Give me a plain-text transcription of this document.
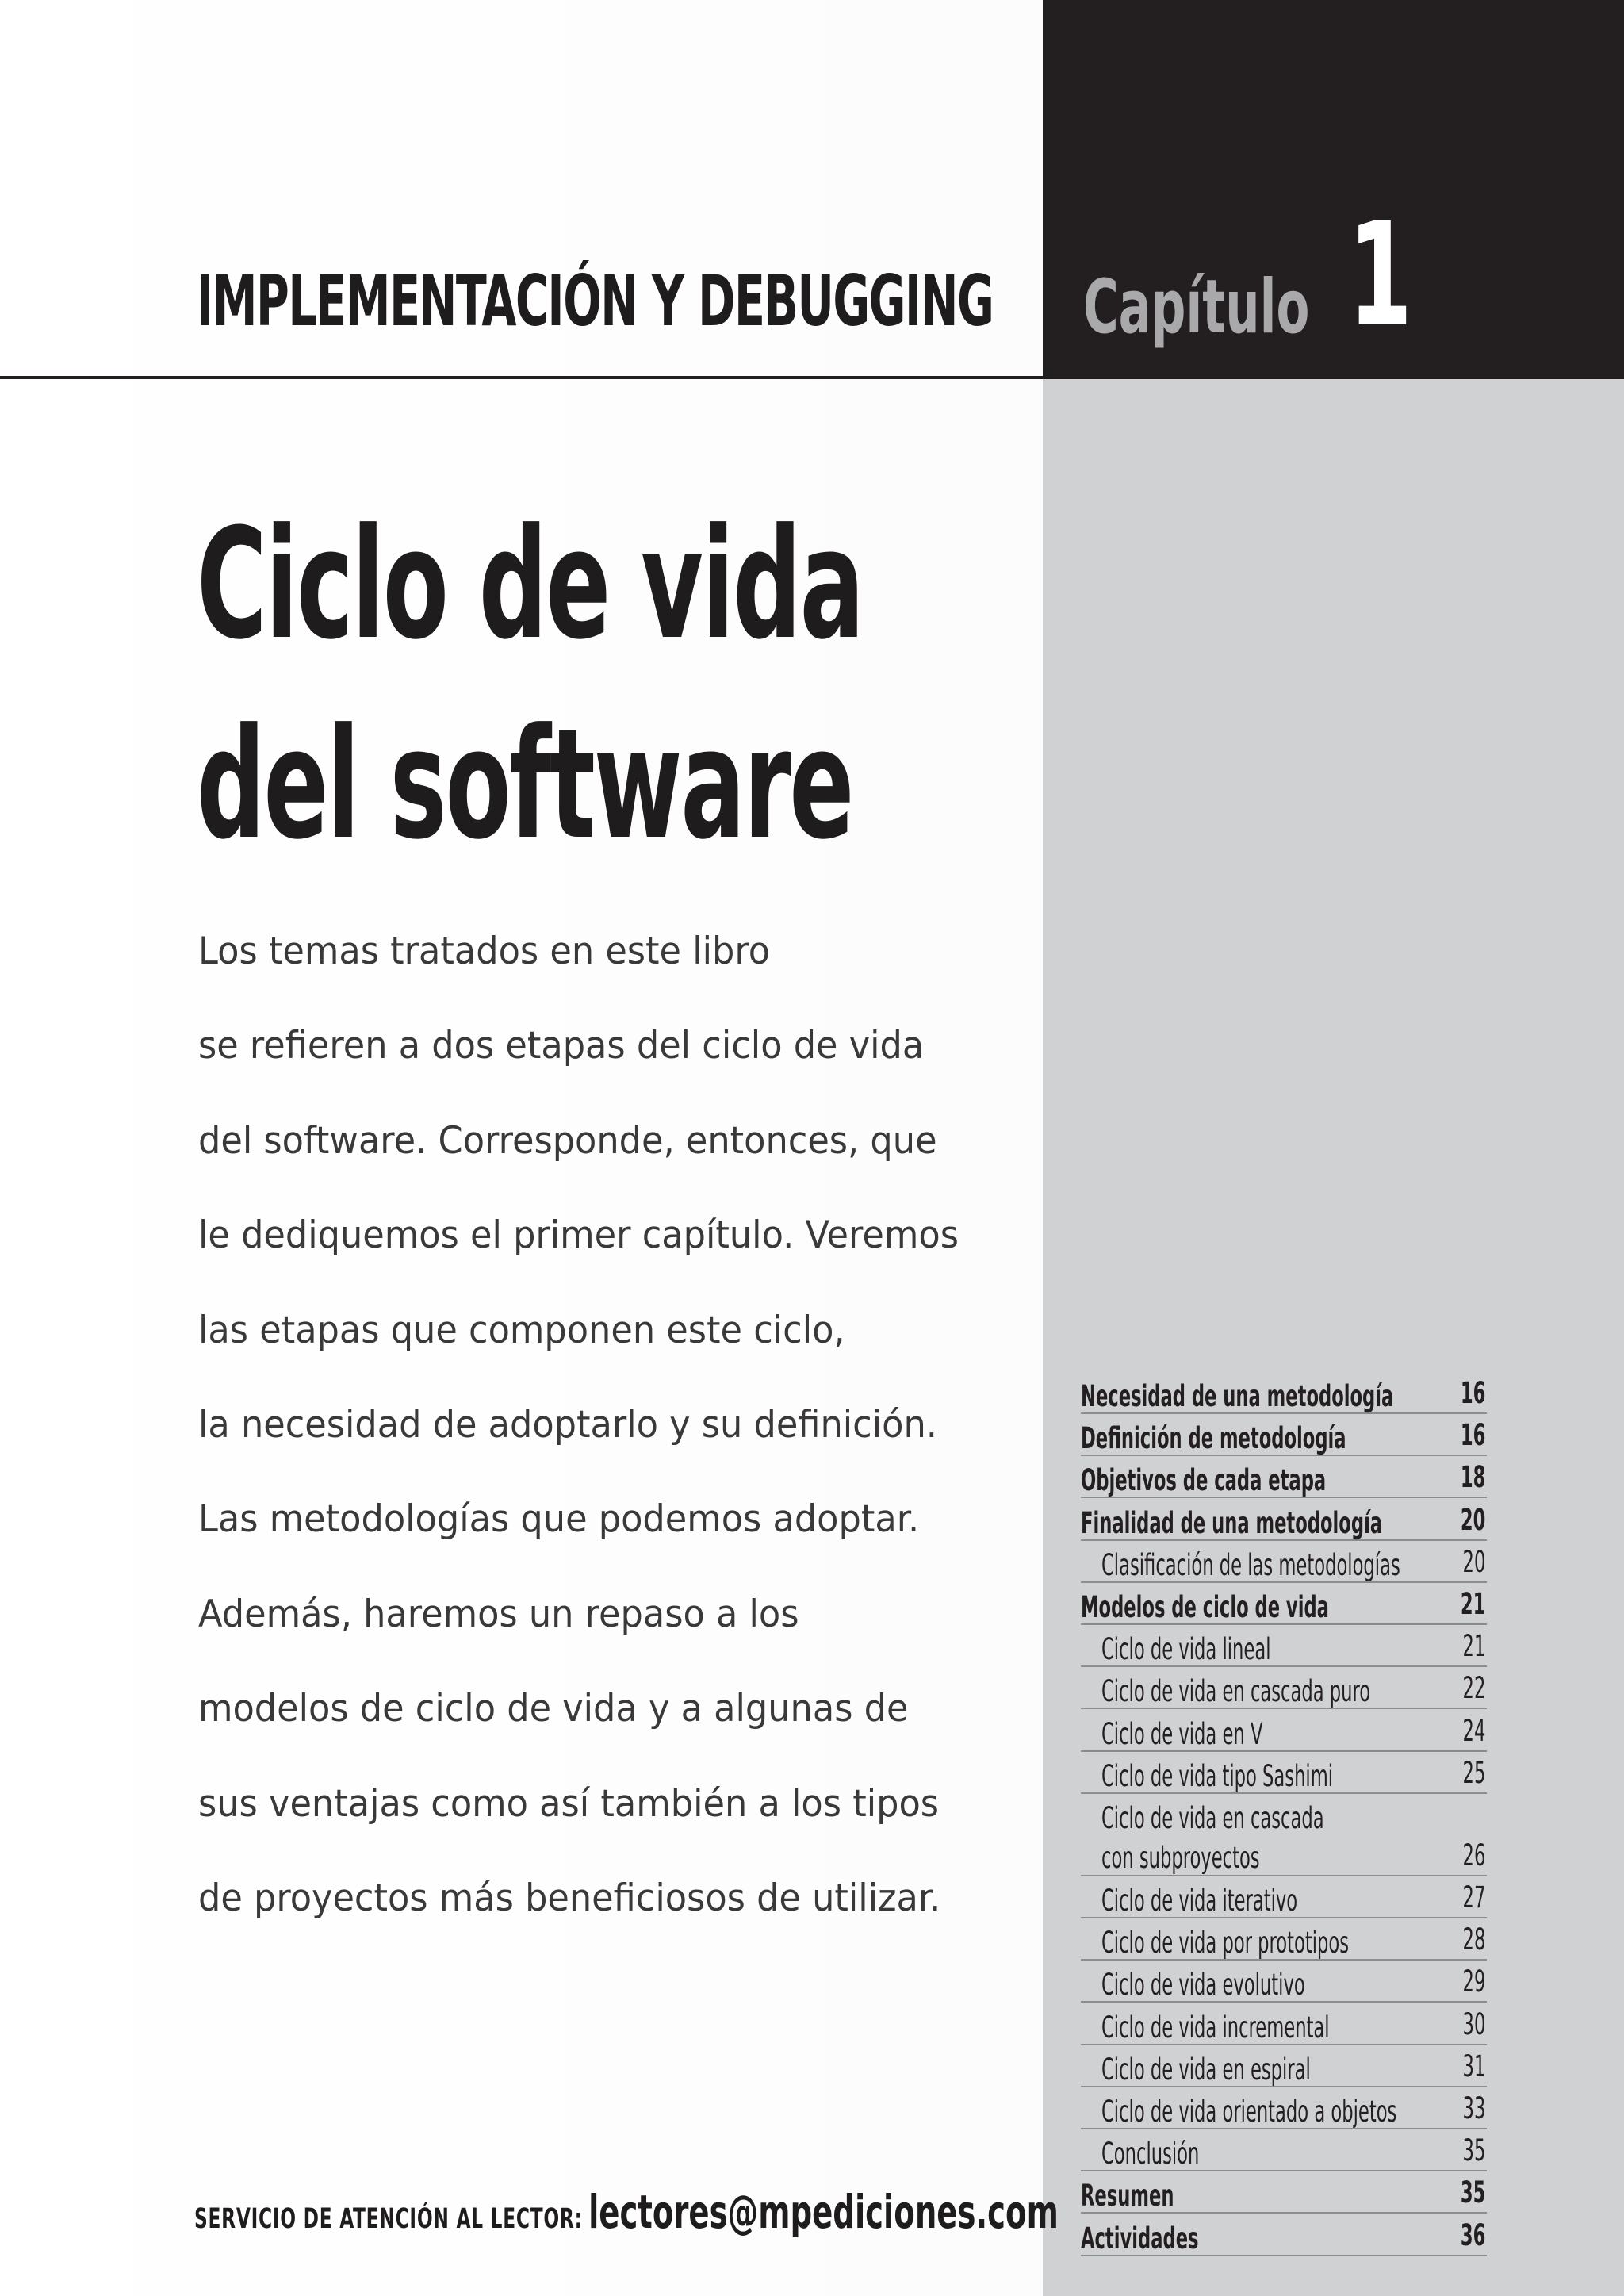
IMPLEMENTACIÓN Y DEBUGGING Capítulo 1
Ciclo de vida
del software

Los temas tratados en este libro
se refieren a dos etapas del ciclo de vida
del software. Corresponde, entonces, que
le dediquemos el primer capítulo. Veremos
las etapas que componen este ciclo,
la necesidad de adoptarlo y su definición.
Las metodologías que podemos adoptar.
Además, haremos un repaso a los
modelos de ciclo de vida y a algunas de
sus ventajas como así también a los tipos
de proyectos más beneficiosos de utilizar.

Necesidad de una metodología 16
Definición de metodología	16
Objetivos de cada etapa	18
Finalidad de una metodología	20
Clasificación de las metodologías 20
Modelos de ciclo de vida	21
Ciclo de vida lineal	21
Ciclo de vida en cascada puro	22
Ciclo de vida en V	24
Ciclo de vida tipo Sashimi	25
Ciclo de vida en cascada
con subproyectos	26
Ciclo de vida iterativo	27
Ciclo de vida por prototipos	28
Ciclo de vida evolutivo	29
Ciclo de vida incremental	30
Ciclo de vida en espiral	31
Ciclo de vida orientado a objetos 33
Conclusión	35
Resumen	35
Actividades	36
SERVICIO DE ATENCIÓN AL LECTOR: lectores@mpediciones.com
